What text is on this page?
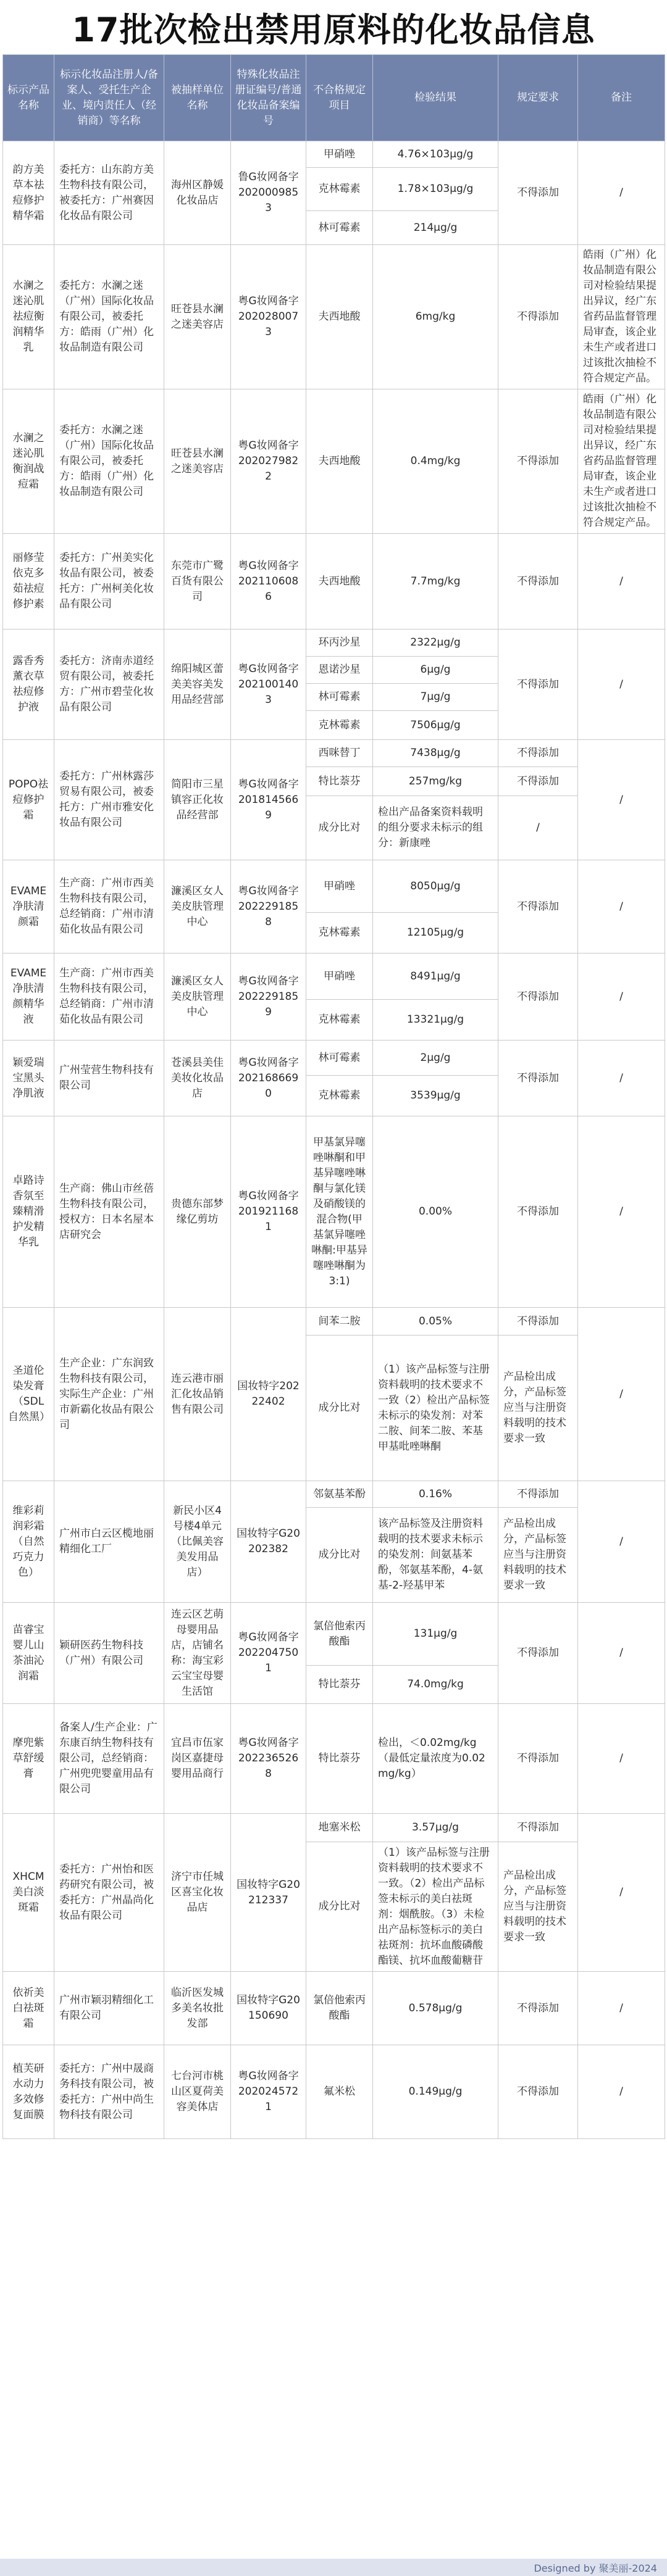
17批次检出禁用原料的化妆品信息
标示产品名称	标示化妆品注册人/备案人、受托生产企业、境内责任人（经销商）等名称	被抽样单位名称	特殊化妆品注册证编号/普通化妆品备案编号	不合格规定项目	检验结果	规定要求	备注
韵方美草本祛痘修护精华霜	委托方：山东韵方美生物科技有限公司，被委托方：广州赛因化妆品有限公司	海州区静媛化妆品店	鲁G妆网备字2020009853	甲硝唑	4.76×103μg/g	不得添加	/
				克林霉素	1.78×103μg/g		
				林可霉素	214μg/g		
水澜之迷沁肌祛痘衡润精华乳	委托方：水澜之迷（广州）国际化妆品有限公司，被委托方：皓雨（广州）化妆品制造有限公司	旺苍县水澜之迷美容店	粤G妆网备字2020280073	夫西地酸	6mg/kg	不得添加	皓雨（广州）化妆品制造有限公司对检验结果提出异议，经广东省药品监督管理局审查，该企业未生产或者进口过该批次抽检不符合规定产品。
水澜之迷沁肌衡润战痘霜	委托方：水澜之迷（广州）国际化妆品有限公司，被委托方：皓雨（广州）化妆品制造有限公司	旺苍县水澜之迷美容店	粤G妆网备字2020279822	夫西地酸	0.4mg/kg	不得添加	皓雨（广州）化妆品制造有限公司对检验结果提出异议，经广东省药品监督管理局审查，该企业未生产或者进口过该批次抽检不符合规定产品。
丽修莹依克多茹祛痘修护素	委托方：广州美实化妆品有限公司，被委托方：广州柯美化妆品有限公司	东莞市广鹭百货有限公司	粤G妆网备字2021106086	夫西地酸	7.7mg/kg	不得添加	/
露香秀薰衣草祛痘修护液	委托方：济南赤道经贸有限公司，被委托方：广州市碧莹化妆品有限公司	绵阳城区蕾美美容美发用品经营部	粤G妆网备字2021001403	环丙沙星	2322μg/g	不得添加	/
				恩诺沙星	6μg/g		
				林可霉素	7μg/g		
				克林霉素	7506μg/g		
POPO祛痘修护霜	委托方：广州林露莎贸易有限公司，被委托方：广州市雅安化妆品有限公司	简阳市三星镇容正化妆品经营部	粤G妆网备字2018145669	西咪替丁	7438μg/g	不得添加	/
				特比萘芬	257mg/kg	不得添加	
				成分比对	检出产品备案资料载明的组分要求未标示的组分：新康唑	/	
EVAME净肤清颜霜	生产商：广州市西美生物科技有限公司，总经销商：广州市清茹化妆品有限公司	濂溪区女人美皮肤管理中心	粤G妆网备字2022291858	甲硝唑	8050μg/g	不得添加	/
				克林霉素	12105μg/g		
EVAME净肤清颜精华液	生产商：广州市西美生物科技有限公司，总经销商：广州市清茹化妆品有限公司	濂溪区女人美皮肤管理中心	粤G妆网备字2022291859	甲硝唑	8491μg/g	不得添加	/
				克林霉素	13321μg/g		
颖爱瑞宝黑头净肌液	广州莹营生物科技有限公司	苍溪县美佳美妆化妆品店	粤G妆网备字2021686690	林可霉素	2μg/g	不得添加	/
				克林霉素	3539μg/g		
卓路诗香氛至臻精滑护发精华乳	生产商：佛山市丝蓓生物科技有限公司，授权方：日本名屋本店研究会	贵德东部梦缘亿剪坊	粤G妆网备字2019211681	甲基氯异噻唑啉酮和甲基异噻唑啉酮与氯化镁及硝酸镁的混合物(甲基氯异噻唑啉酮:甲基异噻唑啉酮为3:1)	0.00%	不得添加	/
圣道伦染发膏（SDL自然黑）	生产企业：广东润致生物科技有限公司，实际生产企业：广州市新霸化妆品有限公司	连云港市丽汇化妆品销售有限公司	国妆特字20222402	间苯二胺	0.05%	不得添加	/
				成分比对	（1）该产品标签与注册资料载明的技术要求不一致（2）检出产品标签未标示的染发剂：对苯二胺、间苯二胺、苯基甲基吡唑啉酮	产品检出成分，产品标签应当与注册资料载明的技术要求一致	
维彩莉润彩霜（自然巧克力色）	广州市白云区榄地丽精细化工厂	新民小区4号楼4单元（比佩美容美发用品店）	国妆特字G20202382	邻氨基苯酚	0.16%	不得添加	/
				成分比对	该产品标签及注册资料载明的技术要求未标示的染发剂：间氨基苯酚，邻氨基苯酚，4-氨基-2-羟基甲苯	产品检出成分，产品标签应当与注册资料载明的技术要求一致	
苗睿宝婴儿山茶油沁润霜	颖研医药生物科技（广州）有限公司	连云区艺萌母婴用品店，店铺名称：海宝彩云宝宝母婴生活馆	粤G妆网备字2022047501	氯倍他索丙酸酯	131μg/g	不得添加	/
				特比萘芬	74.0mg/kg		
摩兜紫草舒缓膏	备案人/生产企业：广东康百纳生物科技有限公司，总经销商：广州兜兜婴童用品有限公司	宜昌市伍家岗区嘉捷母婴用品商行	粤G妆网备字2022365268	特比萘芬	检出，＜0.02mg/kg（最低定量浓度为0.02mg/kg）	不得添加	/
XHCM美白淡斑霜	委托方：广州怡和医药研究有限公司，被委托方：广州晶尚化妆品有限公司	济宁市任城区喜宝化妆品店	国妆特字G20212337	地塞米松	3.57μg/g	不得添加	/
				成分比对	（1）该产品标签与注册资料载明的技术要求不一致。（2）检出产品标签未标示的美白祛斑剂：烟酰胺。（3）未检出产品标签标示的美白祛斑剂：抗坏血酸磷酸酯镁、抗坏血酸葡糖苷	产品检出成分，产品标签应当与注册资料载明的技术要求一致	
依祈美白祛斑霜	广州市颖羽精细化工有限公司	临沂医发城多美名妆批发部	国妆特字G20150690	氯倍他索丙酸酯	0.578μg/g	不得添加	/
植芙研水动力多效修复面膜	委托方：广州中晟商务科技有限公司，被委托方：广州中尚生物科技有限公司	七台河市桃山区夏荷美容美体店	粤G妆网备字2020245721	氟米松	0.149μg/g	不得添加	/
Designed by 聚美丽-2024
